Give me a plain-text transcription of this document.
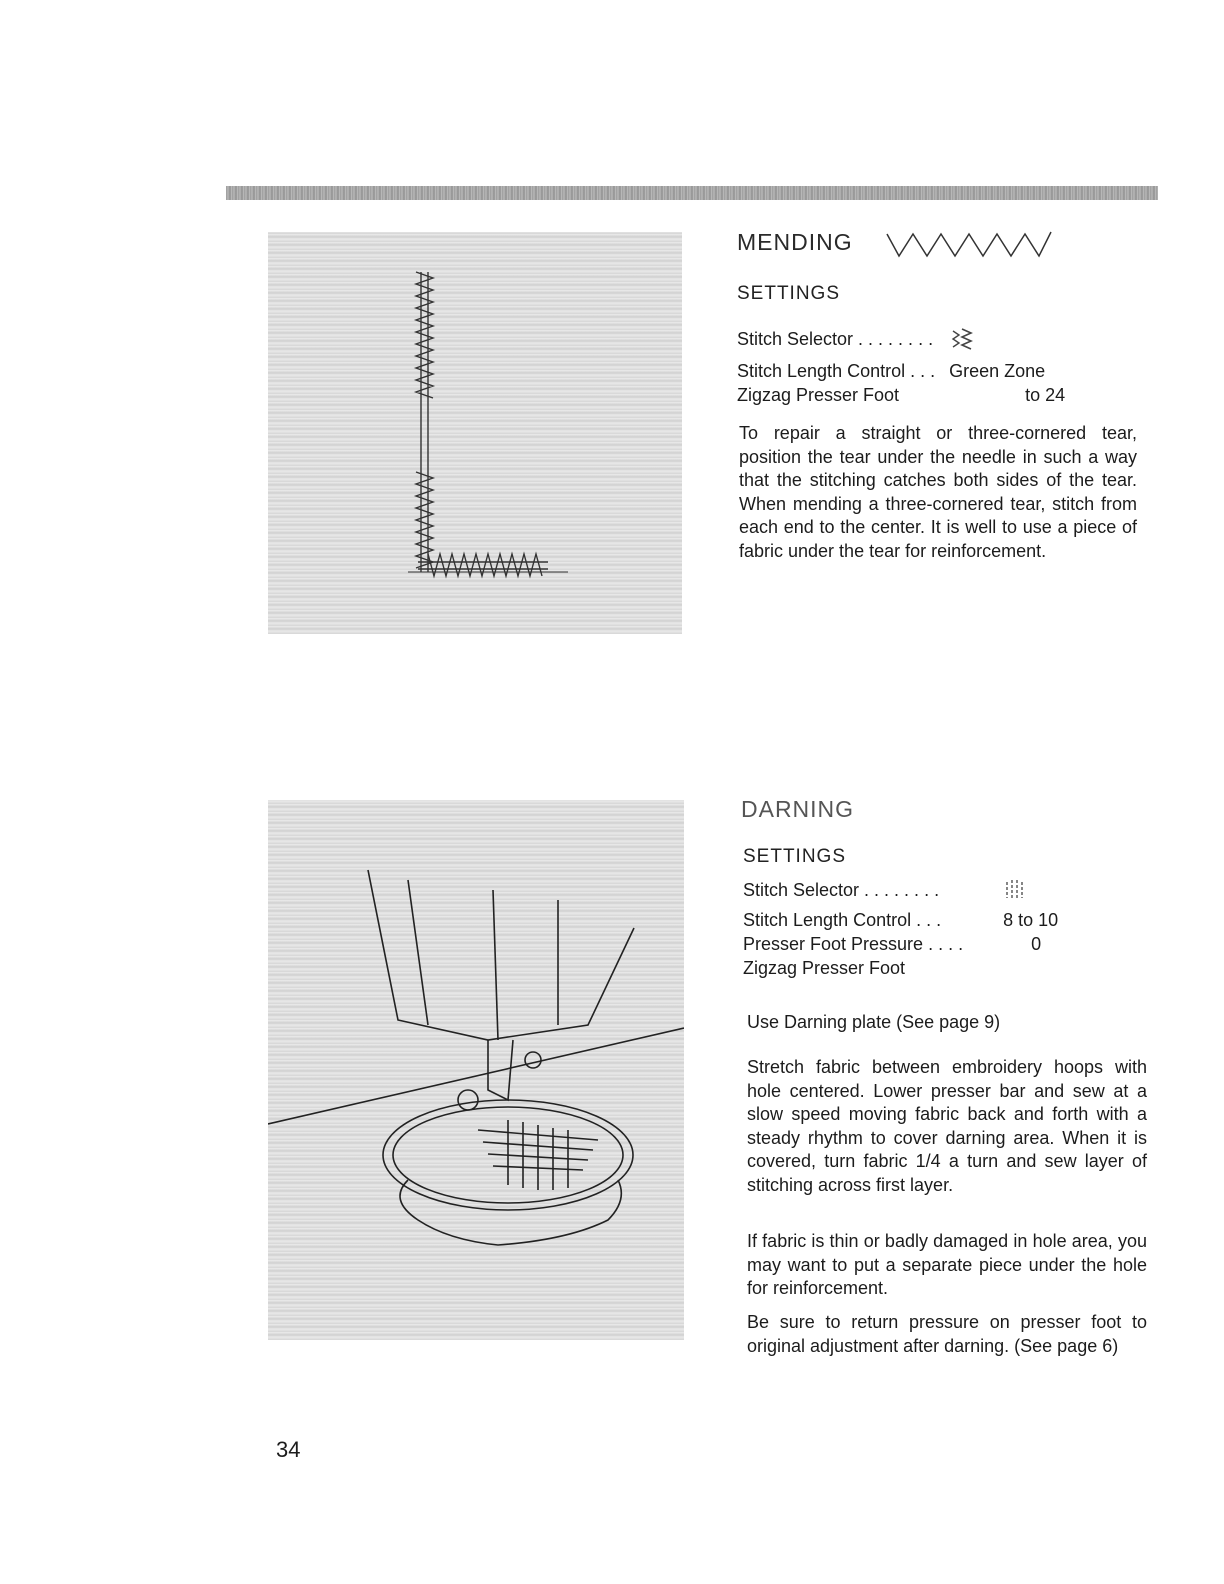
MENDING
SETTINGS
Stitch Selector . . . . . . . .	
Stitch Length Control . . .	Green Zone
Zigzag Presser Foot	to 24

To repair a straight or three-cornered tear, position the tear under the needle in such a way that the stitching catches both sides of the tear. When mending a three-cornered tear, stitch from each end to the center. It is well to use a piece of fabric under the tear for reinforcement.

DARNING
SETTINGS
Stitch Selector . . . . . . . .	
Stitch Length Control . . .	8 to 10
Presser Foot Pressure . . . .	0
Zigzag Presser Foot	

Use Darning plate (See page 9)

Stretch fabric between embroidery hoops with hole centered. Lower presser bar and sew at a slow speed moving fabric back and forth with a steady rhythm to cover darning area. When it is covered, turn fabric 1/4 a turn and sew layer of stitching across first layer.

If fabric is thin or badly damaged in hole area, you may want to put a separate piece under the hole for reinforcement.

Be sure to return pressure on presser foot to original adjustment after darning. (See page 6)

34
